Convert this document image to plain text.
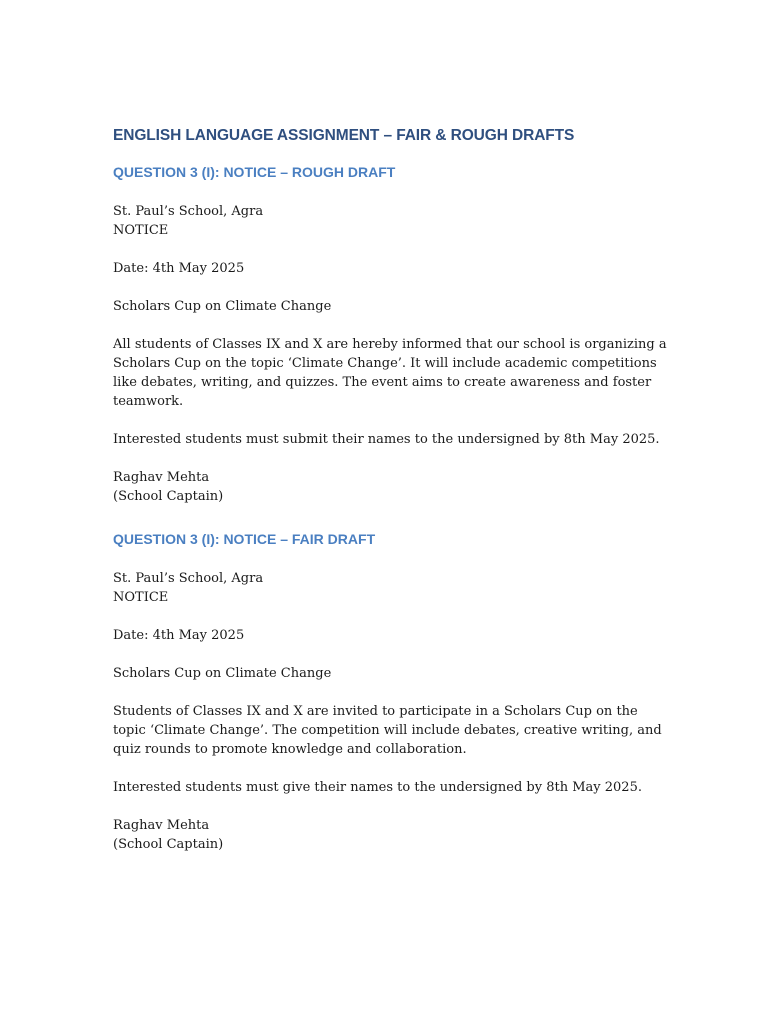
ENGLISH LANGUAGE ASSIGNMENT – FAIR & ROUGH DRAFTS
QUESTION 3 (I): NOTICE – ROUGH DRAFT

St. Paul’s School, Agra
NOTICE

Date: 4th May 2025

Scholars Cup on Climate Change

All students of Classes IX and X are hereby informed that our school is organizing a Scholars Cup on the topic ‘Climate Change’. It will include academic competitions like debates, writing, and quizzes. The event aims to create awareness and foster teamwork.

Interested students must submit their names to the undersigned by 8th May 2025.

Raghav Mehta
(School Captain)

QUESTION 3 (I): NOTICE – FAIR DRAFT

St. Paul’s School, Agra
NOTICE

Date: 4th May 2025

Scholars Cup on Climate Change

Students of Classes IX and X are invited to participate in a Scholars Cup on the topic ‘Climate Change’. The competition will include debates, creative writing, and quiz rounds to promote knowledge and collaboration.

Interested students must give their names to the undersigned by 8th May 2025.

Raghav Mehta
(School Captain)
